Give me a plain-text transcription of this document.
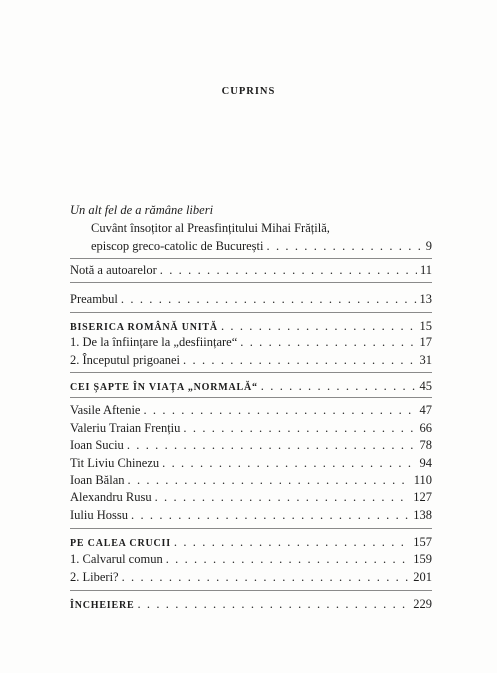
CUPRINS
Un alt fel de a rămâne liberi
Cuvânt însoțitor al Preasfințitului Mihai Frățilă,
episcop greco-catolic de București . . .	9
Notă a autoarelor . . .	11
Preambul . . .	13
BISERICA ROMÂNĂ UNITĂ . . .	15
1. De la înființare la „desființare“ . . .	17
2. Începutul prigoanei . . .	31
CEI ȘAPTE ÎN VIAȚA „NORMALĂ“ . . .	45
Vasile Aftenie . . .	47
Valeriu Traian Frențiu . . .	66
Ioan Suciu . . .	78
Tit Liviu Chinezu . . .	94
Ioan Bălan . . .	110
Alexandru Rusu . . .	127
Iuliu Hossu . . .	138
PE CALEA CRUCII . . .	157
1. Calvarul comun . . .	159
2. Liberi? . . .	201
ÎNCHEIERE . . .	229
